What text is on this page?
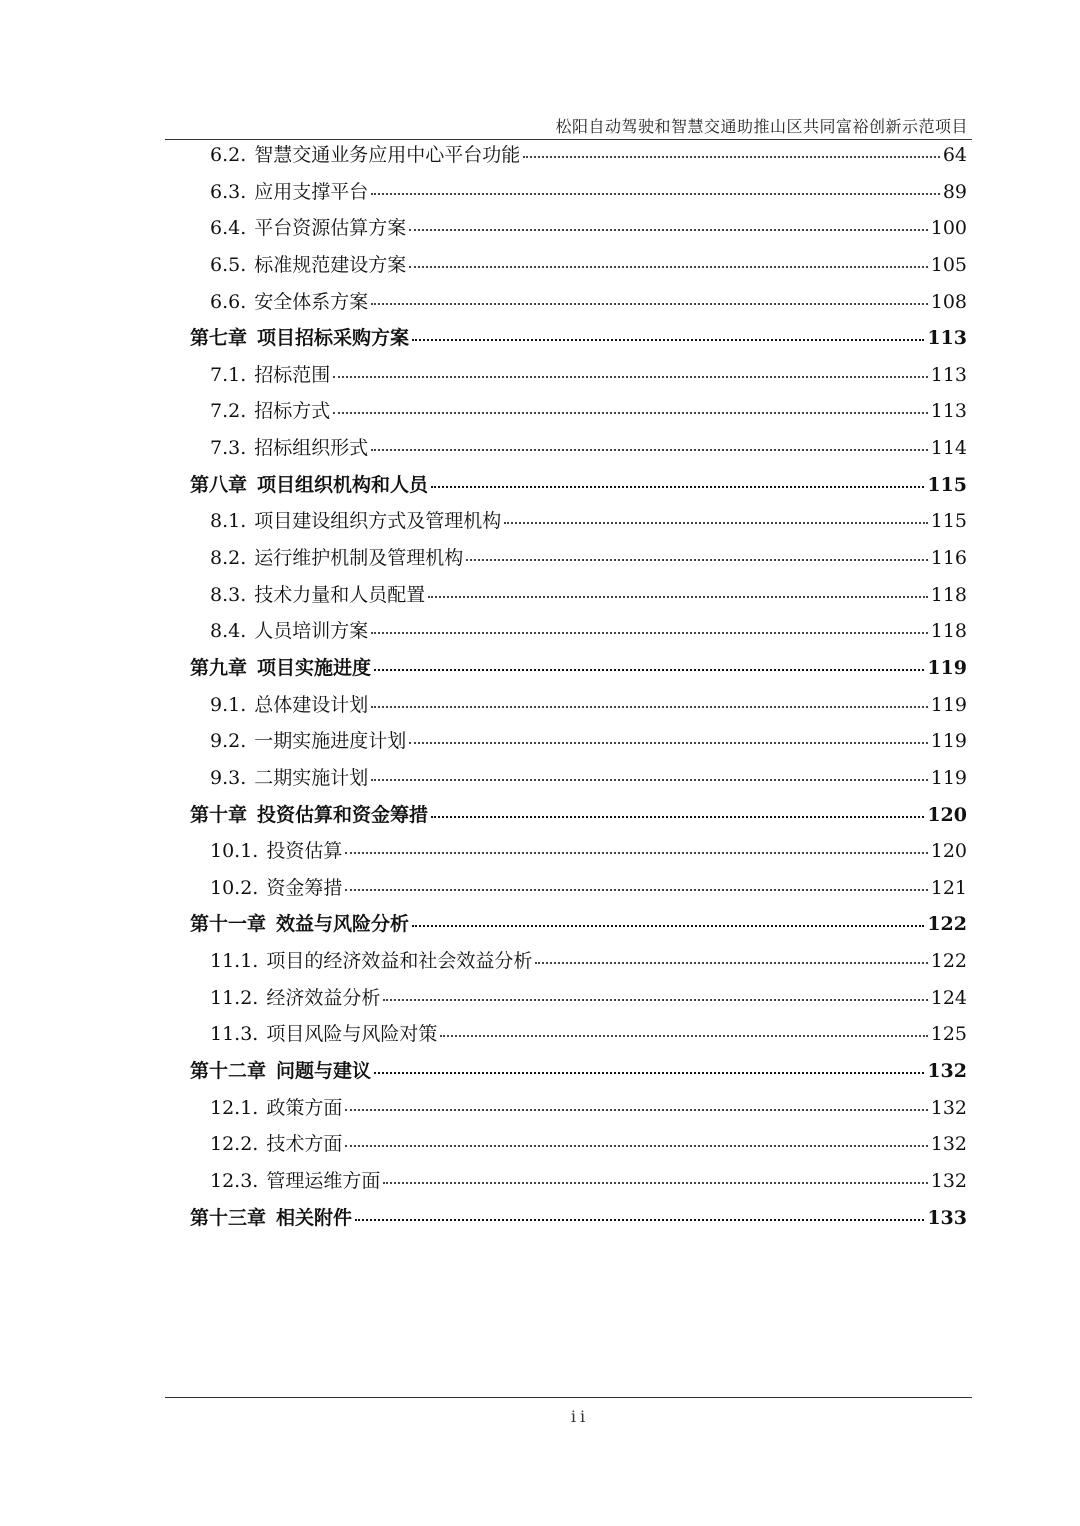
松阳自动驾驶和智慧交通助推山区共同富裕创新示范项目
6.2. 智慧交通业务应用中心平台功能	64
6.3. 应用支撑平台	89
6.4. 平台资源估算方案	100
6.5. 标准规范建设方案	105
6.6. 安全体系方案	108
第七章 项目招标采购方案	113
7.1. 招标范围	113
7.2. 招标方式	113
7.3. 招标组织形式	114
第八章 项目组织机构和人员	115
8.1. 项目建设组织方式及管理机构	115
8.2. 运行维护机制及管理机构	116
8.3. 技术力量和人员配置	118
8.4. 人员培训方案	118
第九章 项目实施进度	119
9.1. 总体建设计划	119
9.2. 一期实施进度计划	119
9.3. 二期实施计划	119
第十章 投资估算和资金筹措	120
10.1. 投资估算	120
10.2. 资金筹措	121
第十一章 效益与风险分析	122
11.1. 项目的经济效益和社会效益分析	122
11.2. 经济效益分析	124
11.3. 项目风险与风险对策	125
第十二章 问题与建议	132
12.1. 政策方面	132
12.2. 技术方面	132
12.3. 管理运维方面	132
第十三章 相关附件	133
ii
